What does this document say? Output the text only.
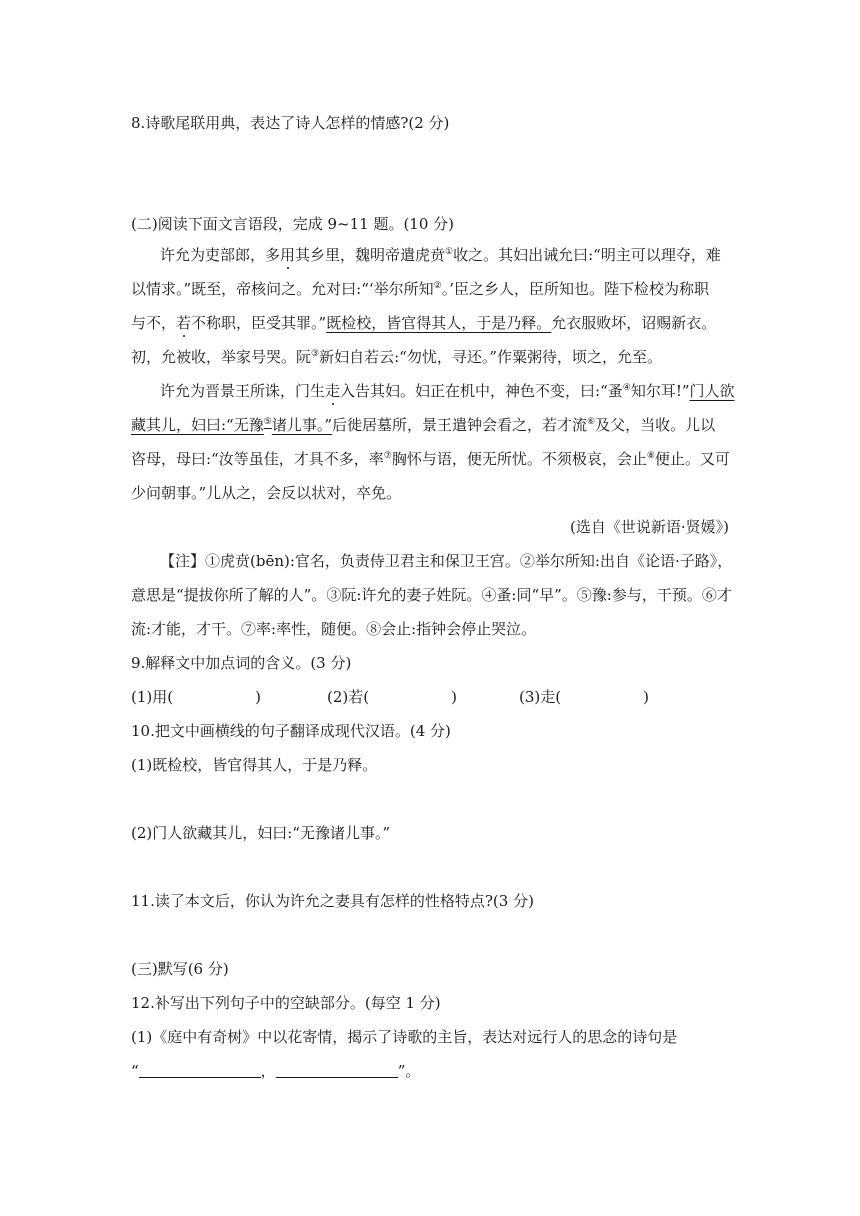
8.诗歌尾联用典，表达了诗人怎样的情感?(2 分)
(二)阅读下面文言语段，完成 9~11 题。(10 分)
许允为吏部郎，多用其乡里，魏明帝遣虎贲①收之。其妇出诫允曰:“明主可以理夺，难
以情求。”既至，帝核问之。允对曰:“‘举尔所知②。’臣之乡人，臣所知也。陛下检校为称职
与不，若不称职，臣受其罪。”既检校，皆官得其人，于是乃释。允衣服败坏，诏赐新衣。
初，允被收，举家号哭。阮③新妇自若云:“勿忧，寻还。”作粟粥待，顷之，允至。
许允为晋景王所诛，门生走入告其妇。妇正在机中，神色不变，曰:“蚤④知尔耳!”门人欲
藏其儿，妇曰:“无豫⑤诸儿事。”后徙居墓所，景王遣钟会看之，若才流⑥及父，当收。儿以
咨母，母曰:“汝等虽佳，才具不多，率⑦胸怀与语，便无所忧。不须极哀，会止⑧便止。又可
少问朝事。”儿从之，会反以状对，卒免。
(选自《世说新语·贤媛》)
【注】①虎贲(bēn):官名，负责侍卫君主和保卫王宫。②举尔所知:出自《论语·子路》，
意思是“提拔你所了解的人”。③阮:许允的妻子姓阮。④蚤:同“早”。⑤豫:参与，干预。⑥才
流:才能，才干。⑦率:率性，随便。⑧会止:指钟会停止哭泣。
9.解释文中加点词的含义。(3 分)
(1)用(	)	(2)若(	)	(3)走(	)
10.把文中画横线的句子翻译成现代汉语。(4 分)
(1)既检校，皆官得其人，于是乃释。
(2)门人欲藏其儿，妇曰:“无豫诸儿事。”
11.读了本文后，你认为许允之妻具有怎样的性格特点?(3 分)
(三)默写(6 分)
12.补写出下列句子中的空缺部分。(每空 1 分)
(1)《庭中有奇树》中以花寄情，揭示了诗歌的主旨，表达对远行人的思念的诗句是
“	，	”。
